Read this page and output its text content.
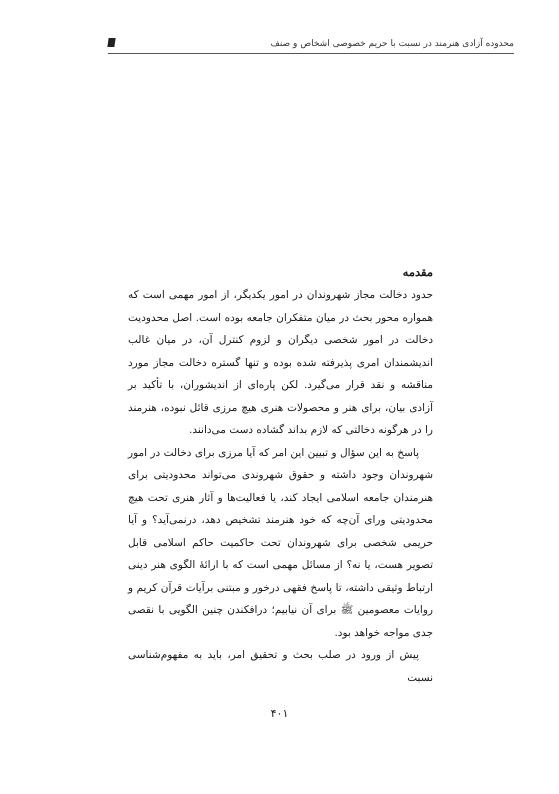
محدوده آزادی هنرمند در نسبت با حریم خصوصی اشخاص و صنف
مقدمه

حدود دخالت مجاز شهروندان در امور یکدیگر، از امور مهمی است که همواره محور بحث در میان متفکران جامعه بوده است. اصل محدودیت دخالت در امور شخصی دیگران و لزوم کنترل آن، در میان غالب اندیشمندان امری پذیرفته شده بوده و تنها گستره دخالت مجاز مورد مناقشه و نقد قرار می‌گیرد. لکن پاره‌ای از اندیشوران، با تأکید بر آزادی بیان، برای هنر و محصولات هنری هیچ مرزی قائل نبوده، هنرمند را در هرگونه دخالتی که لازم بداند گشاده دست می‌دانند.

پاسخ به این سؤال و تبیین این امر که آیا مرزی برای دخالت در امور شهروندان وجود داشته و حقوق شهروندی می‌تواند محدودیتی برای هنرمندان جامعه اسلامی ایجاد کند، یا فعالیت‌ها و آثار هنری تحت هیچ محدودیتی ورای آن‌چه که خود هنرمند تشخیص دهد، درنمی‌آید؟ و آیا حریمی شخصی برای شهروندان تحت حاکمیت حاکم اسلامی قابل تصویر هست، یا نه؟ از مسائل مهمی است که با ارائهٔ الگوی هنر دینی ارتباط وثیقی داشته، تا پاسخ فقهی درخور و مبتنی برآیات قرآن کریم و روایات معصومین ﷺ برای آن نیابیم؛ درافکندن چنین الگویی با نقصی جدی مواجه خواهد بود.

پیش از ورود در صلب بحث و تحقیق امر، باید به مفهوم‌شناسی نسبت

۴۰۱
